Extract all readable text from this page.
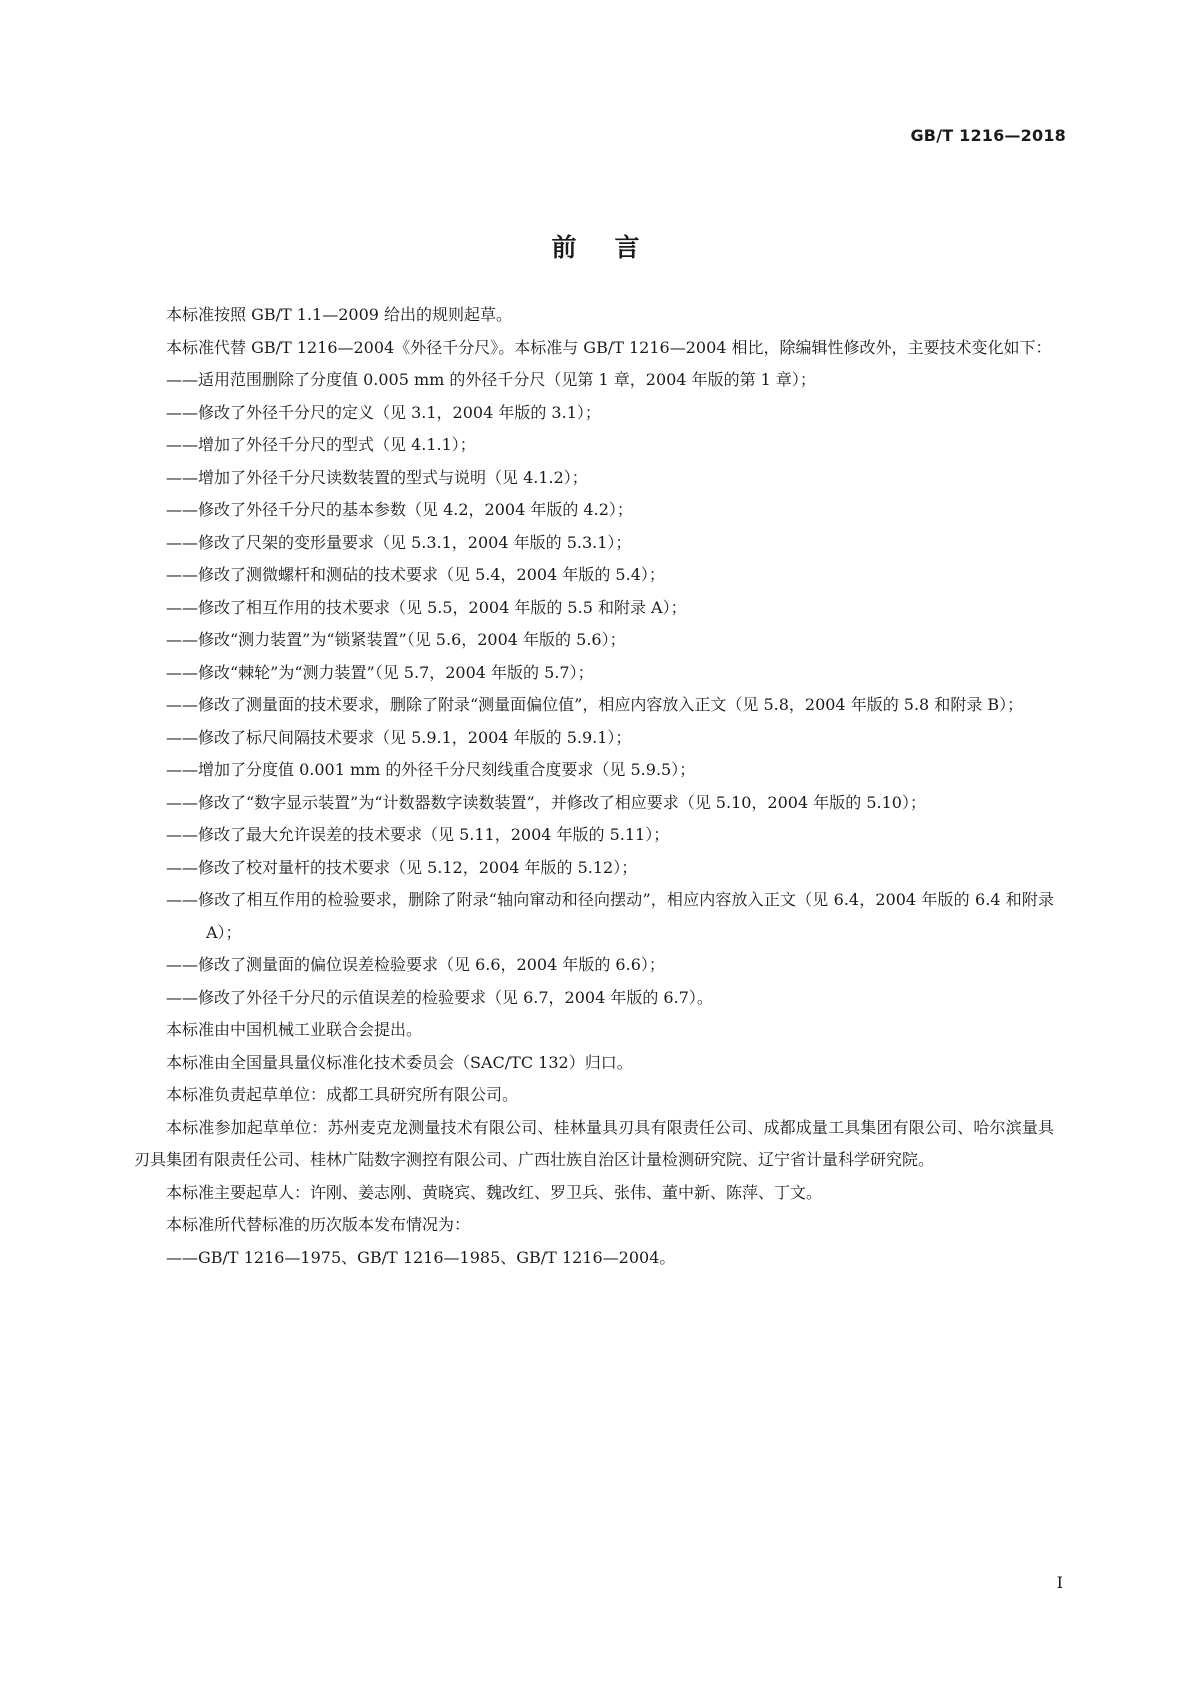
GB/T 1216—2018
前言

本标准按照 GB/T 1.1—2009 给出的规则起草。

本标准代替 GB/T 1216—2004《外径千分尺》。本标准与 GB/T 1216—2004 相比，除编辑性修改外，主要技术变化如下：

——适用范围删除了分度值 0.005 mm 的外径千分尺（见第 1 章，2004 年版的第 1 章）；

——修改了外径千分尺的定义（见 3.1，2004 年版的 3.1）；

——增加了外径千分尺的型式（见 4.1.1）；

——增加了外径千分尺读数装置的型式与说明（见 4.1.2）；

——修改了外径千分尺的基本参数（见 4.2，2004 年版的 4.2）；

——修改了尺架的变形量要求（见 5.3.1，2004 年版的 5.3.1）；

——修改了测微螺杆和测砧的技术要求（见 5.4，2004 年版的 5.4）；

——修改了相互作用的技术要求（见 5.5，2004 年版的 5.5 和附录 A）；

——修改“测力装置”为“锁紧装置”（见 5.6，2004 年版的 5.6）；

——修改“棘轮”为“测力装置”（见 5.7，2004 年版的 5.7）；

——修改了测量面的技术要求，删除了附录“测量面偏位值”，相应内容放入正文（见 5.8，2004 年版的 5.8 和附录 B）；

——修改了标尺间隔技术要求（见 5.9.1，2004 年版的 5.9.1）；

——增加了分度值 0.001 mm 的外径千分尺刻线重合度要求（见 5.9.5）；

——修改了“数字显示装置”为“计数器数字读数装置”，并修改了相应要求（见 5.10，2004 年版的 5.10）；

——修改了最大允许误差的技术要求（见 5.11，2004 年版的 5.11）；

——修改了校对量杆的技术要求（见 5.12，2004 年版的 5.12）；

——修改了相互作用的检验要求，删除了附录“轴向窜动和径向摆动”，相应内容放入正文（见 6.4，2004 年版的 6.4 和附录 A）；

——修改了测量面的偏位误差检验要求（见 6.6，2004 年版的 6.6）；

——修改了外径千分尺的示值误差的检验要求（见 6.7，2004 年版的 6.7）。

本标准由中国机械工业联合会提出。

本标准由全国量具量仪标准化技术委员会（SAC/TC 132）归口。

本标准负责起草单位：成都工具研究所有限公司。

本标准参加起草单位：苏州麦克龙测量技术有限公司、桂林量具刃具有限责任公司、成都成量工具集团有限公司、哈尔滨量具刃具集团有限责任公司、桂林广陆数字测控有限公司、广西壮族自治区计量检测研究院、辽宁省计量科学研究院。

本标准主要起草人：许刚、姜志刚、黄晓宾、魏改红、罗卫兵、张伟、董中新、陈萍、丁文。

本标准所代替标准的历次版本发布情况为：

——GB/T 1216—1975、GB/T 1216—1985、GB/T 1216—2004。

I
